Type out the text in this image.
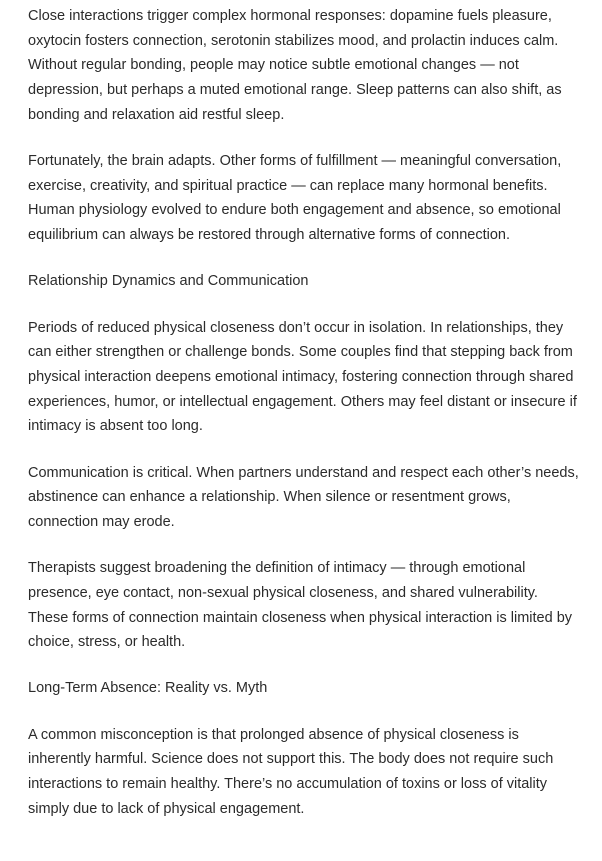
Close interactions trigger complex hormonal responses: dopamine fuels pleasure, oxytocin fosters connection, serotonin stabilizes mood, and prolactin induces calm. Without regular bonding, people may notice subtle emotional changes — not depression, but perhaps a muted emotional range. Sleep patterns can also shift, as bonding and relaxation aid restful sleep.

Fortunately, the brain adapts. Other forms of fulfillment — meaningful conversation, exercise, creativity, and spiritual practice — can replace many hormonal benefits. Human physiology evolved to endure both engagement and absence, so emotional equilibrium can always be restored through alternative forms of connection.

Relationship Dynamics and Communication

Periods of reduced physical closeness don’t occur in isolation. In relationships, they can either strengthen or challenge bonds. Some couples find that stepping back from physical interaction deepens emotional intimacy, fostering connection through shared experiences, humor, or intellectual engagement. Others may feel distant or insecure if intimacy is absent too long.

Communication is critical. When partners understand and respect each other’s needs, abstinence can enhance a relationship. When silence or resentment grows, connection may erode.

Therapists suggest broadening the definition of intimacy — through emotional presence, eye contact, non-sexual physical closeness, and shared vulnerability. These forms of connection maintain closeness when physical interaction is limited by choice, stress, or health.

Long-Term Absence: Reality vs. Myth

A common misconception is that prolonged absence of physical closeness is inherently harmful. Science does not support this. The body does not require such interactions to remain healthy. There’s no accumulation of toxins or loss of vitality simply due to lack of physical engagement.
